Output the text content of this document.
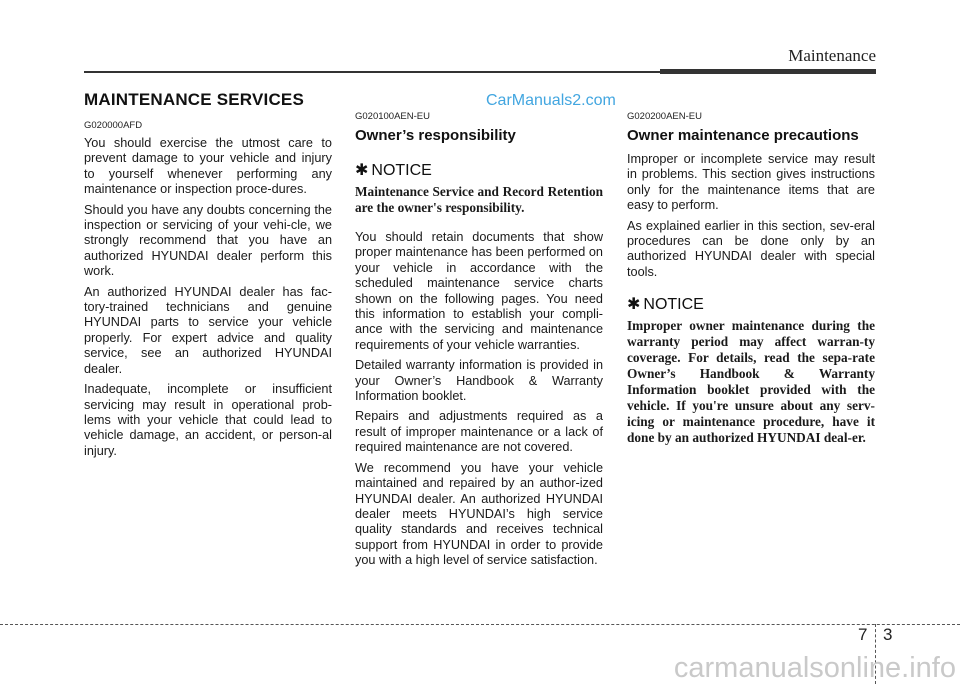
Maintenance
CarManuals2.com
MAINTENANCE SERVICES
G020000AFD

You should exercise the utmost care to prevent damage to your vehicle and injury to yourself whenever performing any maintenance or inspection proce-dures.

Should you have any doubts concerning the inspection or servicing of your vehi-cle, we strongly recommend that you have an authorized HYUNDAI dealer perform this work.

An authorized HYUNDAI dealer has fac-tory-trained technicians and genuine HYUNDAI parts to service your vehicle properly. For expert advice and quality service, see an authorized HYUNDAI dealer.

Inadequate, incomplete or insufficient servicing may result in operational prob-lems with your vehicle that could lead to vehicle damage, an accident, or person-al injury.

G020100AEN-EU
Owner’s responsibility
✱ NOTICE
Maintenance Service and Record Retention are the owner's responsibility.

You should retain documents that show proper maintenance has been performed on your vehicle in accordance with the scheduled maintenance service charts shown on the following pages. You need this information to establish your compli-ance with the servicing and maintenance requirements of your vehicle warranties.

Detailed warranty information is provided in your Owner’s Handbook & Warranty Information booklet.

Repairs and adjustments required as a result of improper maintenance or a lack of required maintenance are not covered.

We recommend you have your vehicle maintained and repaired by an author-ized HYUNDAI dealer. An authorized HYUNDAI dealer meets HYUNDAI’s high service quality standards and receives technical support from HYUNDAI in order to provide you with a high level of service satisfaction.

G020200AEN-EU
Owner maintenance precautions

Improper or incomplete service may result in problems. This section gives instructions only for the maintenance items that are easy to perform.

As explained earlier in this section, sev-eral procedures can be done only by an authorized HYUNDAI dealer with special tools.

✱ NOTICE
Improper owner maintenance during the warranty period may affect warran-ty coverage. For details, read the sepa-rate Owner’s Handbook & Warranty Information booklet provided with the vehicle. If you're unsure about any serv-icing or maintenance procedure, have it done by an authorized HYUNDAI deal-er.
7 3
carmanualsonline.info
